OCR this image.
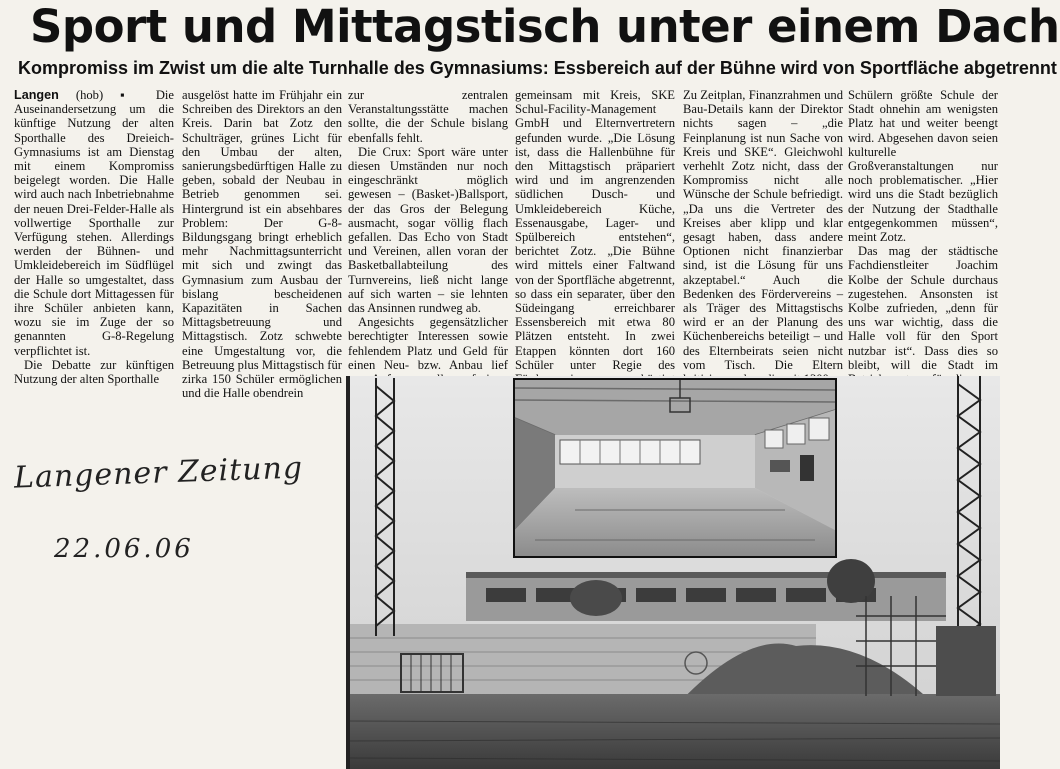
Sport und Mittagstisch unter einem Dach
Kompromiss im Zwist um die alte Turnhalle des Gymnasiums: Essbereich auf der Bühne wird von Sportfläche abgetrennt

Langen (hob) ▪ Die Auseinandersetzung um die künftige Nutzung der alten Sporthalle des Dreieich-Gymnasiums ist am Dienstag mit einem Kompromiss beigelegt worden. Die Halle wird auch nach Inbetriebnahme der neuen Drei-Felder-Halle als vollwertige Sporthalle zur Verfügung stehen. Allerdings werden der Bühnen- und Umkleidebereich im Südflügel der Halle so umgestaltet, dass die Schule dort Mittagessen für ihre Schüler anbieten kann, wozu sie im Zuge der so genannten G-8-Regelung verpflichtet ist.

Die Debatte zur künftigen Nutzung der alten Sporthalle

ausgelöst hatte im Frühjahr ein Schreiben des Direktors an den Kreis. Darin bat Zotz den Schulträger, grünes Licht für den Umbau der alten, sanierungsbedürftigen Halle zu geben, sobald der Neubau in Betrieb genommen sei. Hintergrund ist ein absehbares Problem: Der G-8-Bildungsgang bringt erheblich mehr Nachmittagsunterricht mit sich und zwingt das Gymnasium zum Ausbau der bislang bescheidenen Kapazitäten in Sachen Mittagsbetreuung und Mittagstisch. Zotz schwebte eine Umgestaltung vor, die Betreuung plus Mittagstisch für zirka 150 Schüler ermöglichen und die Halle obendrein

zur zentralen Veranstaltungsstätte machen sollte, die der Schule bislang ebenfalls fehlt.

Die Crux: Sport wäre unter diesen Umständen nur noch eingeschränkt möglich gewesen – (Basket-)Ballsport, der das Gros der Belegung ausmacht, sogar völlig flach gefallen. Das Echo von Stadt und Vereinen, allen voran der Basketballabteilung des Turnvereins, ließ nicht lange auf sich warten – sie lehnten das Ansinnen rundweg ab.

Angesichts gegensätzlicher berechtigter Interessen sowie fehlendem Platz und Geld für einen Neu- bzw. Anbau lief

gemeinsam mit Kreis, SKE Schul-Facility-Management GmbH und Elternvertretern gefunden wurde. „Die Lösung ist, dass die Hallenbühne für den Mittagstisch präpariert wird und im angrenzenden südlichen Dusch- und Umkleidebereich Küche, Essenausgabe, Lager- und Spülbereich entstehen“, berichtet Zotz. „Die Bühne wird mittels einer Faltwand von der Sportfläche abgetrennt, so dass ein separater, über den Südeingang erreichbarer Essensbereich mit etwa 80 Plätzen entsteht. In zwei Etappen könnten dort 160 Schüler unter Regie des

Zu Zeitplan, Finanzrahmen und Bau-Details kann der Direktor nichts sagen – „die Feinplanung ist nun Sache von Kreis und SKE“. Gleichwohl verhehlt Zotz nicht, dass der Kompromiss nicht alle Wünsche der Schule befriedigt. „Da uns die Vertreter des Kreises aber klipp und klar gesagt haben, dass andere Optionen nicht finanzierbar sind, ist die Lösung für uns akzeptabel.“ Auch die Bedenken des Fördervereins – als Träger des Mittagstischs wird er an der Planung des Küchenbereichs beteiligt – und des Elternbeirats seien nicht vom Tisch. Die Eltern

Schülern größte Schule der Stadt ohnehin am wenigsten Platz hat und weiter beengt wird. Abgesehen davon seien kulturelle Großveranstaltungen nur noch problematischer. „Hier wird uns die Stadt bezüglich der Nutzung der Stadthalle entgegenkommen müssen“, meint Zotz.

Das mag der städtische Fachdienstleiter Joachim Kolbe der Schule durchaus zugestehen. Ansonsten ist Kolbe zufrieden, „denn für uns war wichtig, dass die Halle voll für den Sport nutzbar ist“. Dass dies so bleibt, will die Stadt im

Langener Zeitung
22.06.06
